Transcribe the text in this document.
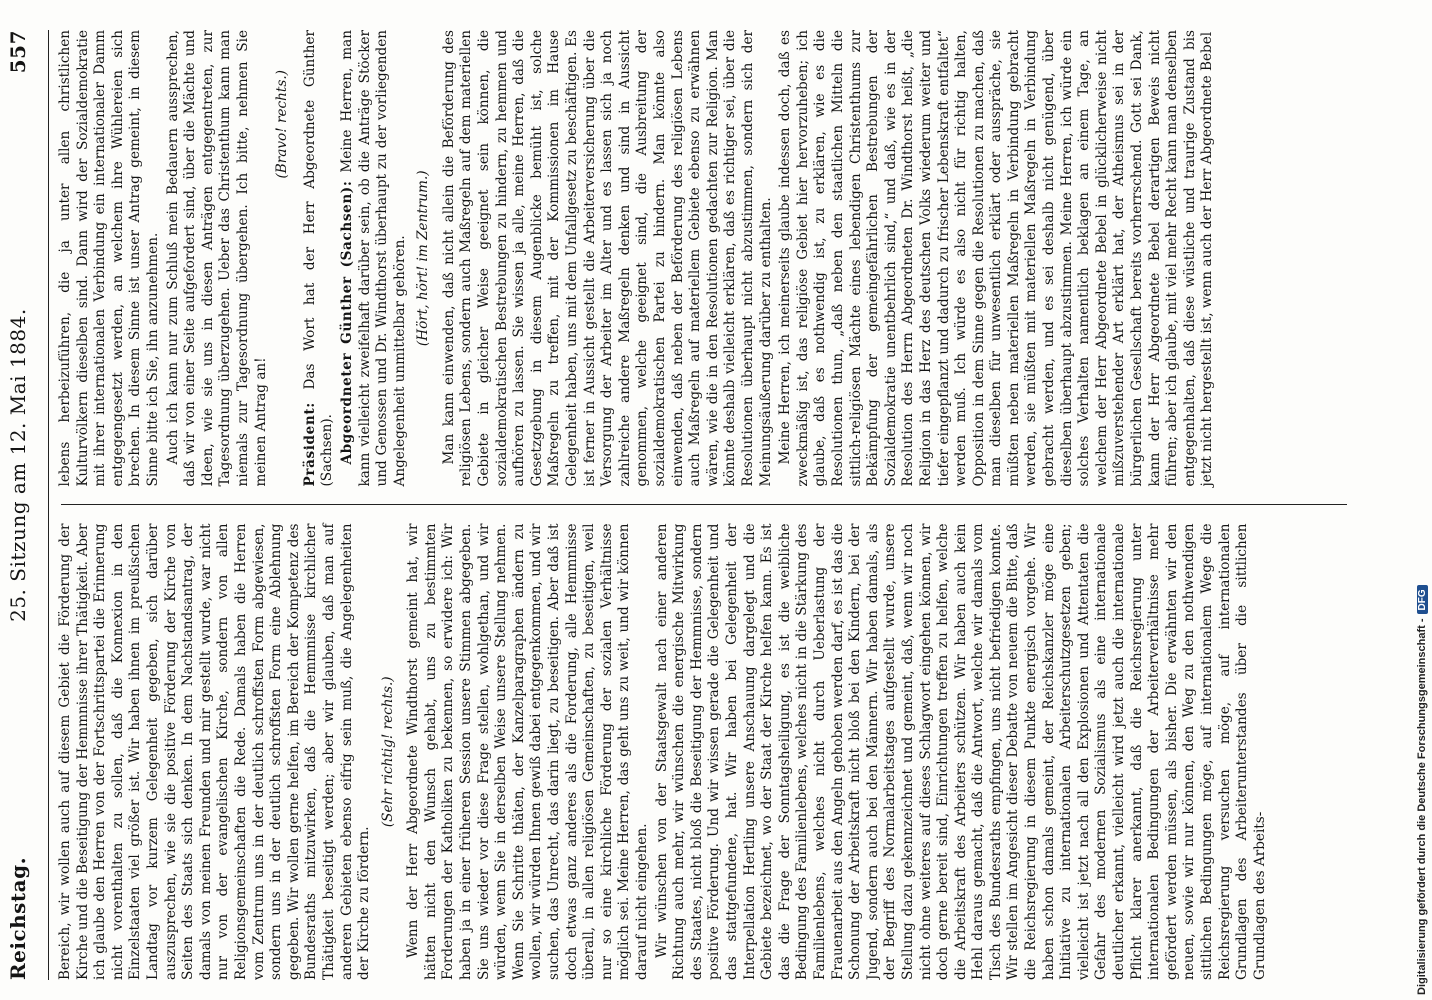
Reichstag.
25. Sitzung am 12. Mai 1884.
557

Bereich, wir wollen auch auf diesem Gebiet die Förderung der Kirche und die Beseitigung der Hemmnisse ihrer Thätigkeit. Aber ich glaube den Herren von der Fortschrittspartei die Erinnerung nicht vorenthalten zu sollen, daß die Konnexion in den Einzelstaaten viel größer ist. Wir haben ihnen im preußischen Landtag vor kurzem Gelegenheit gegeben, sich darüber auszusprechen, wie sie die positive Förderung der Kirche von Seiten des Staats sich denken. In dem Nachstandsantrag, der damals von meinen Freunden und mir gestellt wurde, war nicht nur von der evangelischen Kirche, sondern von allen Religionsgemeinschaften die Rede. Damals haben die Herren vom Zentrum uns in der deutlich schroffsten Form abgewiesen, sondern uns in der deutlich schroffsten Form eine Ablehnung gegeben. Wir wollen gerne helfen, im Bereich der Kompetenz des Bundesraths mitzuwirken, daß die Hemmnisse kirchlicher Thätigkeit beseitigt werden; aber wir glauben, daß man auf anderen Gebieten ebenso eifrig sein muß, die Angelegenheiten der Kirche zu fördern.

(Sehr richtig! rechts.) Wenn der Herr Abgeordnete Windthorst gemeint hat, wir hätten nicht den Wunsch gehabt, uns zu bestimmten Forderungen der Katholiken zu bekennen, so erwidere ich: Wir haben ja in einer früheren Session unsere Stimmen abgegeben. Sie uns wieder vor diese Frage stellen, wohlgethan, und wir würden, wenn Sie in derselben Weise unsere Stellung nehmen. Wenn Sie Schritte thäten, der Kanzelparagraphen ändern zu wollen, wir würden Ihnen gewiß dabei entgegenkommen, und wir suchen, das Unrecht, das darin liegt, zu beseitigen. Aber daß ist doch etwas ganz anderes als die Forderung, alle Hemmnisse überall, in allen religiösen Gemeinschaften, zu beseitigen, weil nur so eine kirchliche Förderung der sozialen Verhältnisse möglich sei. Meine Herren, das geht uns zu weit, und wir können darauf nicht eingehen. Wir wünschen von der Staatsgewalt nach einer anderen Richtung auch mehr, wir wünschen die energische Mitwirkung des Staates, nicht bloß die Beseitigung der Hemmnisse, sondern positive Förderung. Und wir wissen gerade die Gelegenheit und das stattgefundene, hat. Wir haben bei Gelegenheit der Interpellation Hertling unsere Anschauung dargelegt und die Gebiete bezeichnet, wo der Staat der Kirche helfen kann. Es ist das die Frage der Sonntagsheiligung, es ist die weibliche Bedingung des Familienlebens, welches nicht in die Stärkung des Familienlebens, welches nicht durch Ueberlastung der Frauenarbeit aus den Angeln gehoben werden darf, es ist das die Schonung der Arbeitskraft nicht bloß bei den Kindern, bei der Jugend, sondern auch bei den Männern. Wir haben damals, als der Begriff des Normalarbeitstages aufgestellt wurde, unsere Stellung dazu gekennzeichnet und gemeint, daß, wenn wir noch nicht ohne weiteres auf dieses Schlagwort eingehen können, wir doch gerne bereit sind, Einrichtungen treffen zu helfen, welche die Arbeitskraft des Arbeiters schützen. Wir haben auch kein Hehl daraus gemacht, daß die Antwort, welche wir damals vom Tisch des Bundesraths empfingen, uns nicht befriedigen konnte. Wir stellen im Angesicht dieser Debatte von neuem die Bitte, daß die Reichsregierung in diesem Punkte energisch vorgehe. Wir haben schon damals gemeint, der Reichskanzler möge eine Initiative zu internationalen Arbeiterschutzgesetzen geben; vielleicht ist jetzt nach all den Explosionen und Attentaten die Gefahr des modernen Sozialismus als eine internationale deutlicher erkannt, vielleicht wird jetzt auch die internationale Pflicht klarer anerkannt, daß die Reichsregierung unter internationalen Bedingungen der Arbeiterverhältnisse mehr gefördert werden müssen, als bisher. Die erwähnten wir den neuen, sowie wir nur können, den Weg zu den nothwendigen sittlichen Bedingungen möge, auf internationalem Wege die Reichsregierung versuchen möge, auf internationalen Grundlagen des Arbeiterunterstandes über die sittlichen Grundlagen des Arbeits-

lebens herbeizuführen, die ja unter allen christlichen Kulturvölkern dieselben sind. Dann wird der Sozialdemokratie mit ihrer internationalen Verbindung ein internationaler Damm entgegengesetzt werden, an welchem ihre Wühlereien sich brechen. In diesem Sinne ist unser Antrag gemeint, in diesem Sinne bitte ich Sie, ihn anzunehmen. Auch ich kann nur zum Schluß mein Bedauern aussprechen, daß wir von einer Seite aufgefordert sind, über die Mächte und Ideen, wie sie uns in diesen Anträgen entgegentreten, zur Tagesordnung überzugehen. Ueber das Christenthum kann man niemals zur Tagesordnung übergehen. Ich bitte, nehmen Sie meinen Antrag an!

(Bravo! rechts.)

Präsident: Das Wort hat der Herr Abgeordnete Günther (Sachsen). Abgeordneter Günther (Sachsen): Meine Herren, man kann vielleicht zweifelhaft darüber sein, ob die Anträge Stöcker und Genossen und Dr. Windthorst überhaupt zu der vorliegenden Angelegenheit unmittelbar gehören. (Hört, hört! im Zentrum.) Man kann einwenden, daß nicht allein die Beförderung des religiösen Lebens, sondern auch Maßregeln auf dem materiellen Gebiete in gleicher Weise geeignet sein können, die sozialdemokratischen Bestrebungen zu hindern, zu hemmen und aufhören zu lassen. Sie wissen ja alle, meine Herren, daß die Gesetzgebung in diesem Augenblicke bemüht ist, solche Maßregeln zu treffen, mit der Kommissionen im Hause Gelegenheit haben, uns mit dem Unfallgesetz zu beschäftigen. Es ist ferner in Aussicht gestellt die Arbeiterversicherung über die Versorgung der Arbeiter im Alter und es lassen sich ja noch zahlreiche andere Maßregeln denken und sind in Aussicht genommen, welche geeignet sind, die Ausbreitung der sozialdemokratischen Partei zu hindern. Man könnte also einwenden, daß neben der Beförderung des religiösen Lebens auch Maßregeln auf materiellem Gebiete ebenso zu erwähnen wären, wie die in den Resolutionen gedachten zur Religion. Man könnte deshalb vielleicht erklären, daß es richtiger sei, über die Resolutionen überhaupt nicht abzustimmen, sondern sich der Meinungsäußerung darüber zu enthalten. Meine Herren, ich meinerseits glaube indessen doch, daß es zweckmäßig ist, das religiöse Gebiet hier hervorzuheben; ich glaube, daß es nothwendig ist, zu erklären, wie es die Resolutionen thun, „daß neben den staatlichen Mitteln die sittlich-religiösen Mächte eines lebendigen Christenthums zur Bekämpfung der gemeingefährlichen Bestrebungen der Sozialdemokratie unentbehrlich sind,“ und daß, wie es in der Resolution des Herrn Abgeordneten Dr. Windthorst heißt, „die Religion in das Herz des deutschen Volks wiederum weiter und tiefer eingepflanzt und dadurch zu frischer Lebenskraft entfaltet“ werden muß. Ich würde es also nicht für richtig halten, Opposition in dem Sinne gegen die Resolutionen zu machen, daß man dieselben für unwesentlich erklärt oder ausspräche, sie müßten neben materiellen Maßregeln in Verbindung gebracht werden, sie müßten mit materiellen Maßregeln in Verbindung gebracht werden, und es sei deshalb nicht genügend, über dieselben überhaupt abzustimmen. Meine Herren, ich würde ein solches Verhalten namentlich beklagen an einem Tage, an welchem der Herr Abgeordnete Bebel in glücklicherweise nicht mißzuverstehender Art erklärt hat, der Atheismus sei in der bürgerlichen Gesellschaft bereits vorherrschend. Gott sei Dank, kann der Herr Abgeordnete Bebel derartigen Beweis nicht führen; aber ich glaube, mit viel mehr Recht kann man denselben entgegenhalten, daß diese wüstliche und traurige Zustand bis jetzt nicht hergestellt ist, wenn auch der Herr Abgeordnete Bebel

Digitalisierung gefördert durch die Deutsche Forschungsgemeinschaft -
DFG
